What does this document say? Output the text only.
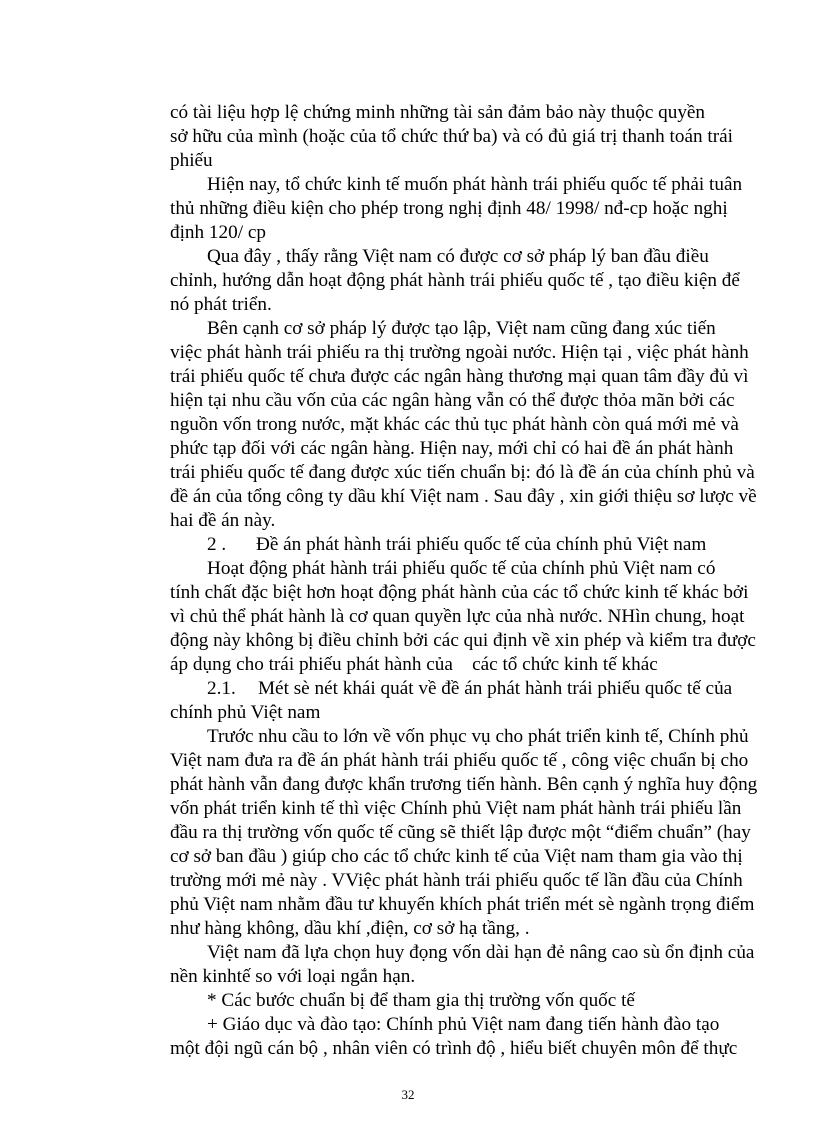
có tài liệu hợp lệ chứng minh những tài sản đảm bảo này thuộc quyền
sở hữu của mình (hoặc của tổ chức thứ ba) và có đủ giá trị thanh toán trái
phiếu
Hiện nay, tổ chức kinh tế muốn phát hành trái phiếu quốc tế phải tuân
thủ những điều kiện cho phép trong nghị định 48/ 1998/ nđ-cp hoặc nghị
định 120/ cp
Qua đây , thấy rằng Việt nam có được cơ sở pháp lý ban đầu điều
chỉnh, hướng dẫn hoạt động phát hành trái phiếu quốc tế , tạo điều kiện để
nó phát triển.
Bên cạnh cơ sở pháp lý được tạo lập, Việt nam cũng đang xúc tiến
việc phát hành trái phiếu ra thị trường ngoài nước. Hiện tại , việc phát hành
trái phiếu quốc tế chưa được các ngân hàng thương mại quan tâm đầy đủ vì
hiện tại nhu cầu vốn của các ngân hàng vẫn có thể được thỏa mãn bởi các
nguồn vốn trong nước, mặt khác các thủ tục phát hành còn quá mới mẻ và
phức tạp đối với các ngân hàng. Hiện nay, mới chỉ có hai đề án phát hành
trái phiếu quốc tế đang được xúc tiến chuẩn bị: đó là đề án của chính phủ và
đề án của tổng công ty dầu khí Việt nam . Sau đây , xin giới thiệu sơ lược về
hai đề án này.
2 . Đề án phát hành trái phiếu quốc tế của chính phủ Việt nam
Hoạt động phát hành trái phiếu quốc tế của chính phủ Việt nam có
tính chất đặc biệt hơn hoạt động phát hành của các tổ chức kinh tế khác bởi
vì chủ thể phát hành là cơ quan quyền lực của nhà nước. NHìn chung, hoạt
động này không bị điều chỉnh bởi các qui định về xin phép và kiểm tra được
áp dụng cho trái phiếu phát hành của    các tổ chức kinh tế khác
2.1. Mét sè nét khái quát về đề án phát hành trái phiếu quốc tế của
chính phủ Việt nam
Trước nhu cầu to lớn về vốn phục vụ cho phát triển kinh tế, Chính phủ
Việt nam đưa ra đề án phát hành trái phiếu quốc tế , công việc chuẩn bị cho
phát hành vẫn đang được khẩn trương tiến hành. Bên cạnh ý nghĩa huy động
vốn phát triển kinh tế thì việc Chính phủ Việt nam phát hành trái phiếu lần
đầu ra thị trường vốn quốc tế cũng sẽ thiết lập được một “điểm chuẩn” (hay
cơ sở ban đầu ) giúp cho các tổ chức kinh tế của Việt nam tham gia vào thị
trường mới mẻ này . VViệc phát hành trái phiếu quốc tế lần đầu của Chính
phủ Việt nam nhằm đầu tư khuyến khích phát triển mét sè ngành trọng điểm
như hàng không, dầu khí ,điện, cơ sở hạ tầng, .
Việt nam đã lựa chọn huy đọng vốn dài hạn đẻ nâng cao sù ổn định của
nền kinhtế so với loại ngắn hạn.
* Các bước chuẩn bị để tham gia thị trường vốn quốc tế
+ Giáo dục và đào tạo: Chính phủ Việt nam đang tiến hành đào tạo
một đội ngũ cán bộ , nhân viên có trình độ , hiểu biết chuyên môn để thực
32
